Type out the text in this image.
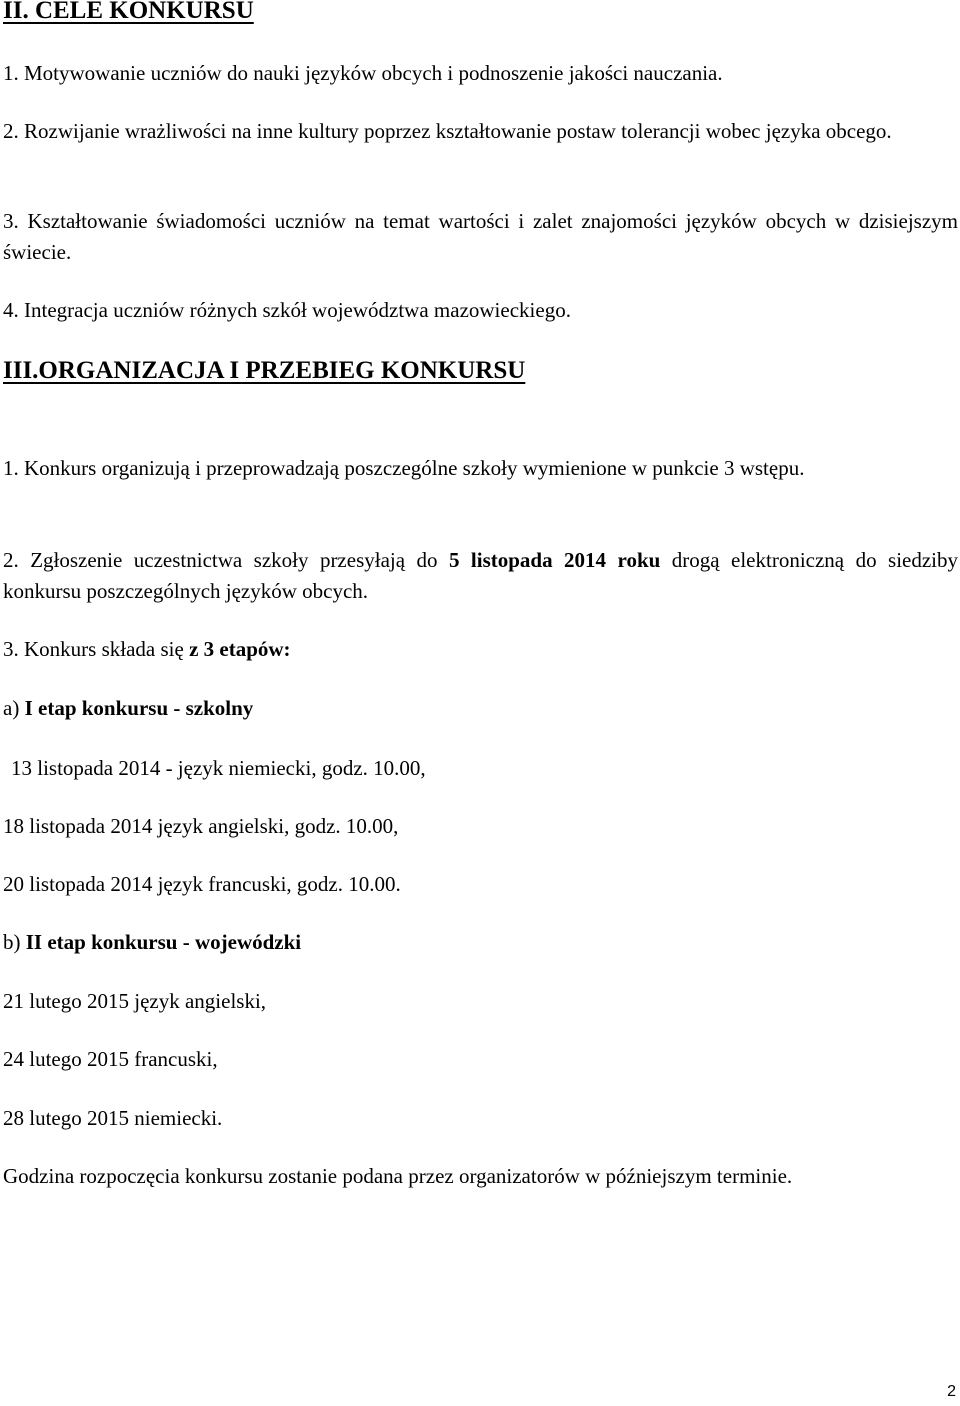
II. CELE KONKURSU

1. Motywowanie uczniów do nauki języków obcych i podnoszenie jakości nauczania.

2. Rozwijanie wrażliwości na inne kultury poprzez kształtowanie postaw tolerancji wobec języka obcego.

3. Kształtowanie świadomości uczniów na temat wartości i zalet znajomości języków obcych w dzisiejszym świecie.

4. Integracja uczniów różnych szkół województwa mazowieckiego.

III.ORGANIZACJA I PRZEBIEG KONKURSU

1. Konkurs organizują i przeprowadzają poszczególne szkoły wymienione w punkcie 3 wstępu.

2. Zgłoszenie uczestnictwa szkoły przesyłają do 5 listopada 2014 roku drogą elektroniczną do siedziby konkursu poszczególnych języków obcych.

3. Konkurs składa się z 3 etapów:

a) I etap konkursu - szkolny

13 listopada 2014 - język niemiecki, godz. 10.00,

18 listopada 2014 język angielski, godz. 10.00,

20 listopada 2014 język francuski, godz. 10.00.

b) II etap konkursu - wojewódzki

21 lutego 2015 język angielski,

24 lutego 2015 francuski,

28 lutego 2015 niemiecki.

Godzina rozpoczęcia konkursu zostanie podana przez organizatorów w późniejszym terminie.

2
